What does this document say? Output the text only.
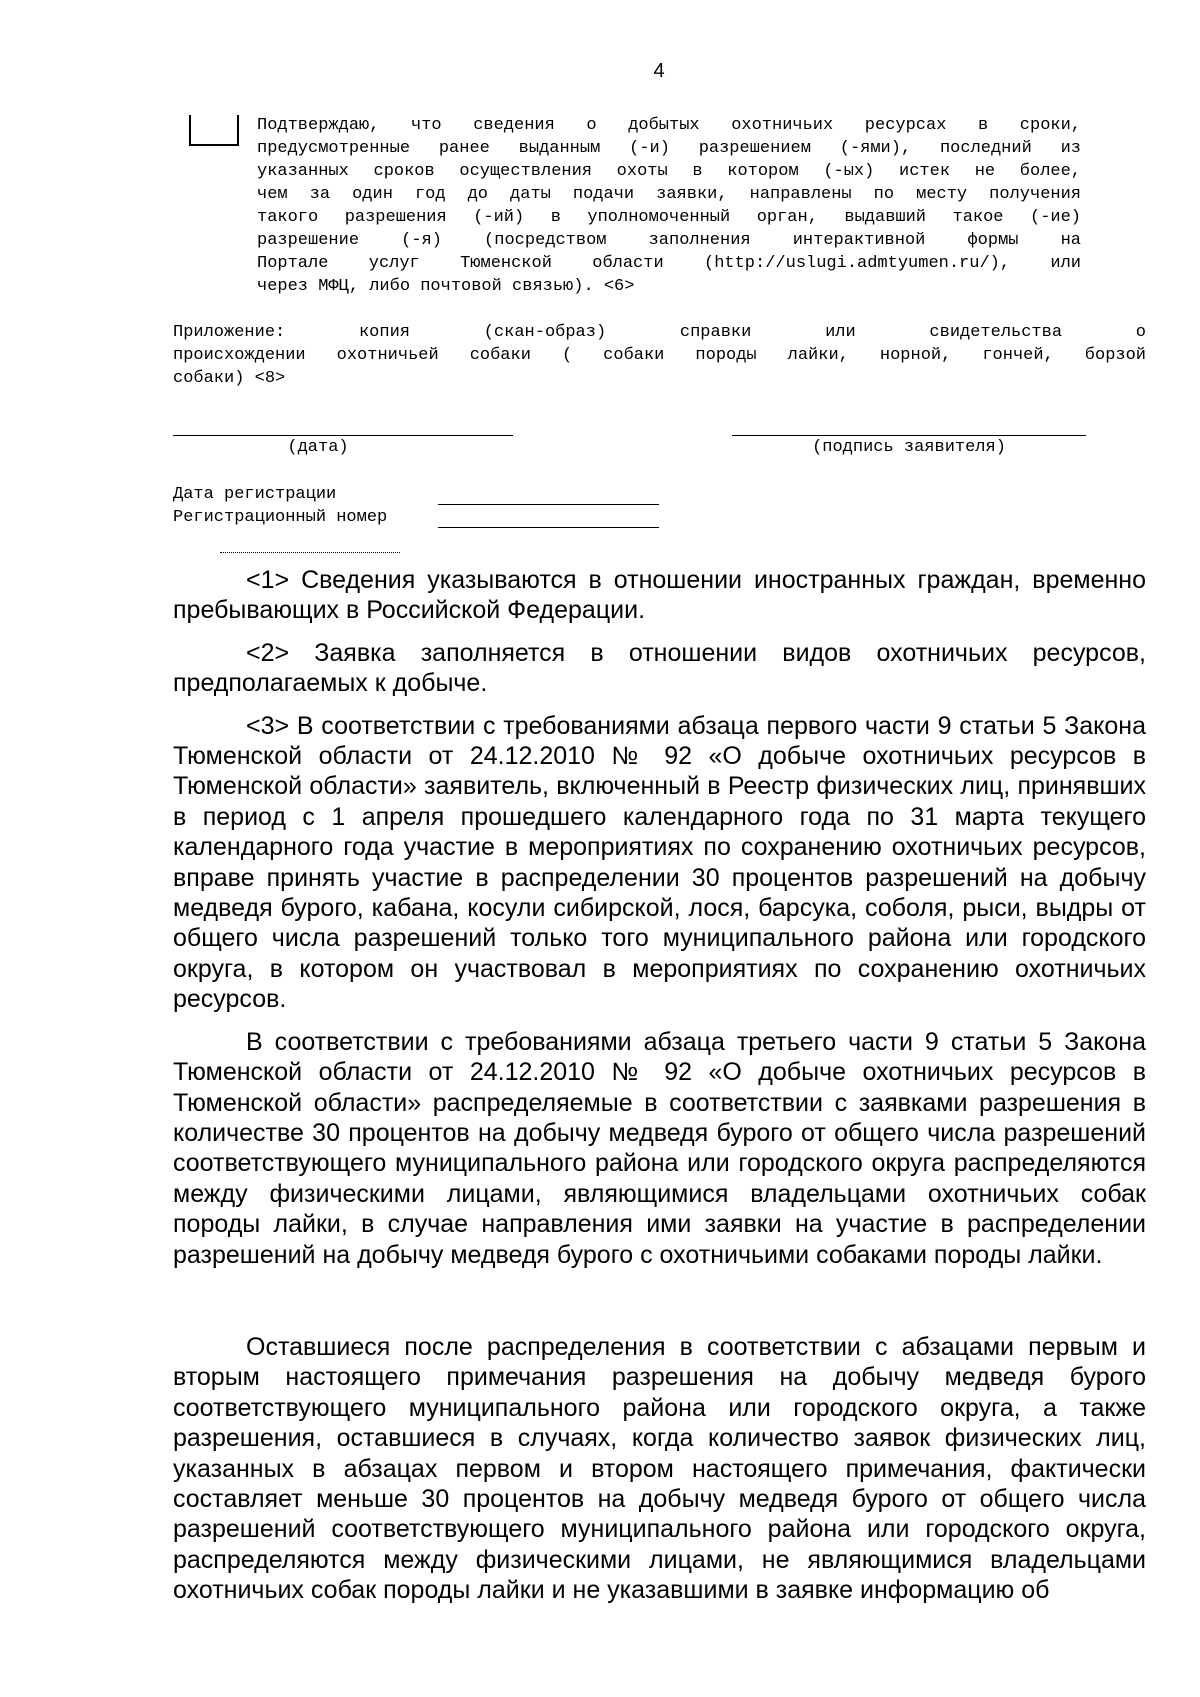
4
Подтверждаю, что сведения о добытых охотничьих ресурсах в сроки,
предусмотренные ранее выданным (-и) разрешением (-ями), последний из
указанных сроков осуществления охоты в котором (-ых) истек не более,
чем за один год до даты подачи заявки, направлены по месту получения
такого разрешения (-ий) в уполномоченный орган, выдавший такое (-ие)
разрешение (-я) (посредством заполнения интерактивной формы на
Портале услуг Тюменской области (http://uslugi.admtyumen.ru/), или
через МФЦ, либо почтовой связью). <6>
Приложение: копия (скан-образ) справки или свидетельства о
происхождении охотничьей собаки ( собаки породы лайки, норной, гончей, борзой
собаки) <8>
(дата)	(подпись заявителя)
Дата регистрации
Регистрационный номер

<1> Сведения указываются в отношении иностранных граждан, временно пребывающих в Российской Федерации.

<2> Заявка заполняется в отношении видов охотничьих ресурсов, предполагаемых к добыче.

<3> В соответствии с требованиями абзаца первого части 9 статьи 5 Закона Тюменской области от 24.12.2010 № 92 «О добыче охотничьих ресурсов в Тюменской области» заявитель, включенный в Реестр физических лиц, принявших в период с 1 апреля прошедшего календарного года по 31 марта текущего календарного года участие в мероприятиях по сохранению охотничьих ресурсов, вправе принять участие в распределении 30 процентов разрешений на добычу медведя бурого, кабана, косули сибирской, лося, барсука, соболя, рыси, выдры от общего числа разрешений только того муниципального района или городского округа, в котором он участвовал в мероприятиях по сохранению охотничьих ресурсов.

В соответствии с требованиями абзаца третьего части 9 статьи 5 Закона Тюменской области от 24.12.2010 № 92 «О добыче охотничьих ресурсов в Тюменской области» распределяемые в соответствии с заявками разрешения в количестве 30 процентов на добычу медведя бурого от общего числа разрешений соответствующего муниципального района или городского округа распределяются между физическими лицами, являющимися владельцами охотничьих собак породы лайки, в случае направления ими заявки на участие в распределении разрешений на добычу медведя бурого с охотничьими собаками породы лайки.

Оставшиеся после распределения в соответствии с абзацами первым и вторым настоящего примечания разрешения на добычу медведя бурого соответствующего муниципального района или городского округа, а также разрешения, оставшиеся в случаях, когда количество заявок физических лиц, указанных в абзацах первом и втором настоящего примечания, фактически составляет меньше 30 процентов на добычу медведя бурого от общего числа разрешений соответствующего муниципального района или городского округа, распределяются между физическими лицами, не являющимися владельцами охотничьих собак породы лайки и не указавшими в заявке информацию об
